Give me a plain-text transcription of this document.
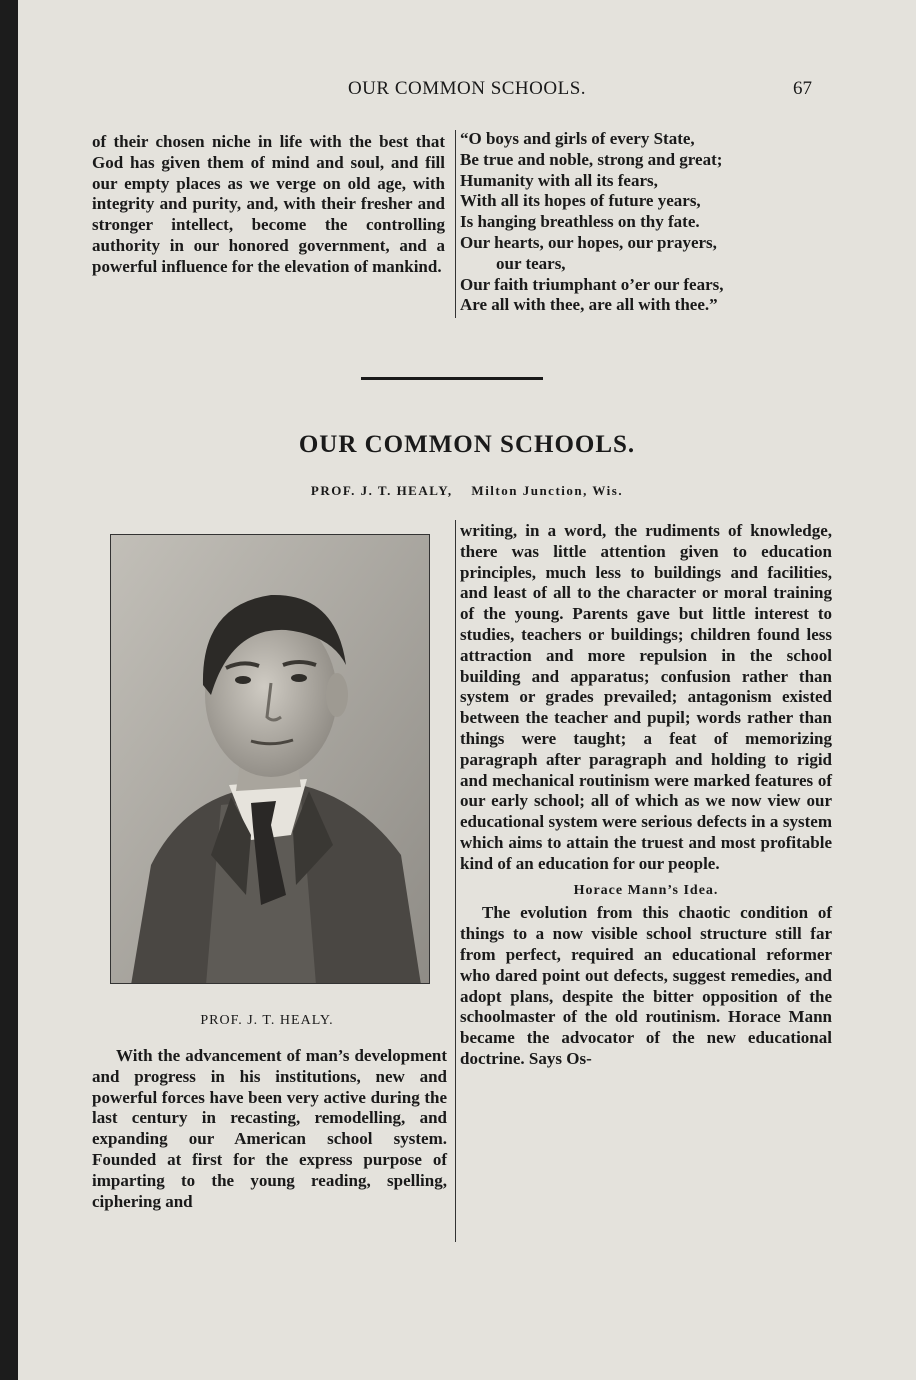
OUR COMMON SCHOOLS.	67

of their chosen niche in life with the best that God has given them of mind and soul, and fill our empty places as we verge on old age, with integrity and purity, and, with their fresher and stronger intellect, become the controlling authority in our honored government, and a powerful influence for the elevation of mankind.

“O boys and girls of every State,
Be true and noble, strong and great;
Humanity with all its fears,
With all its hopes of future years,
Is hanging breathless on thy fate.
Our hearts, our hopes, our prayers,
our tears,
Our faith triumphant o’er our fears,
Are all with thee, are all with thee.”
OUR COMMON SCHOOLS.
PROF. J. T. HEALY, Milton Junction, Wis.
PROF. J. T. HEALY.

With the advancement of man’s development and progress in his institutions, new and powerful forces have been very active during the last century in recasting, remodelling, and expanding our American school system. Founded at first for the express purpose of imparting to the young reading, spelling, ciphering and

writing, in a word, the rudiments of knowledge, there was little attention given to education principles, much less to buildings and facilities, and least of all to the character or moral training of the young. Parents gave but little interest to studies, teachers or buildings; children found less attraction and more repulsion in the school building and apparatus; confusion rather than system or grades prevailed; antagonism existed between the teacher and pupil; words rather than things were taught; a feat of memorizing paragraph after paragraph and holding to rigid and mechanical routinism were marked features of our early school; all of which as we now view our educational system were serious defects in a system which aims to attain the truest and most profitable kind of an education for our people.

Horace Mann’s Idea.

The evolution from this chaotic condition of things to a now visible school structure still far from perfect, required an educational reformer who dared point out defects, suggest remedies, and adopt plans, despite the bitter opposition of the schoolmaster of the old routinism. Horace Mann became the advocator of the new educational doctrine. Says Os-
